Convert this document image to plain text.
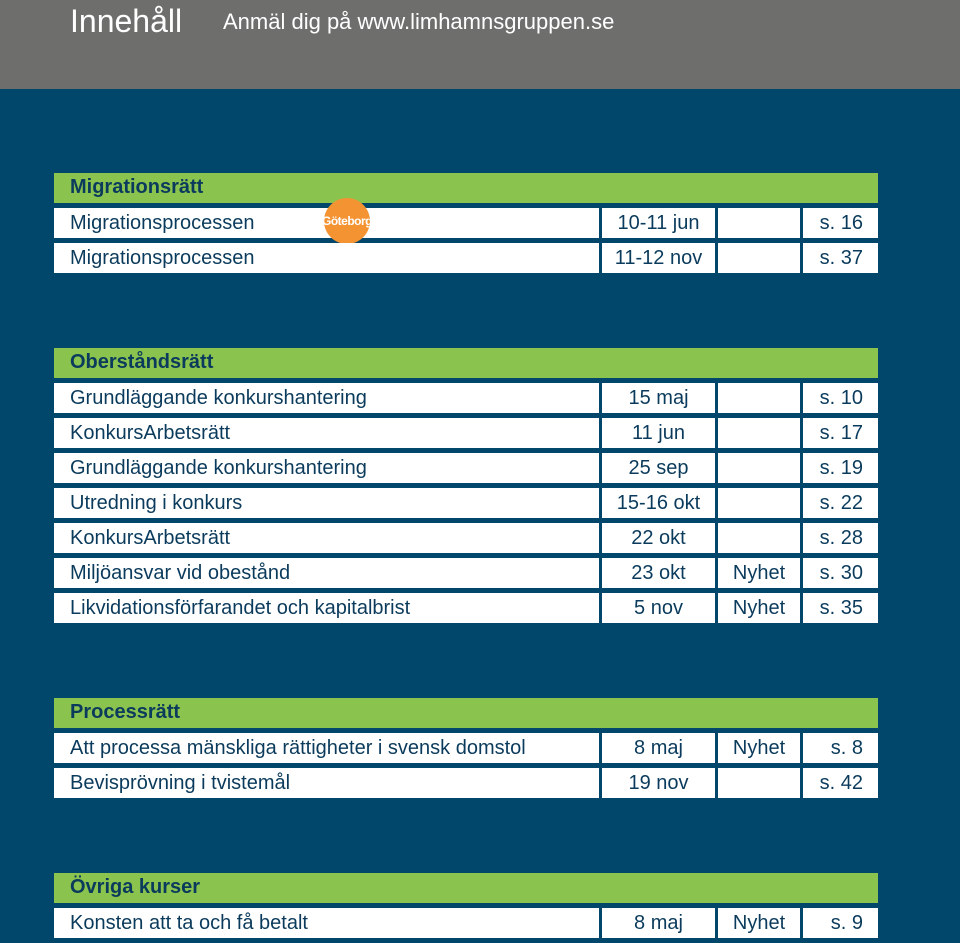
Innehåll Anmäl dig på www.limhamnsgruppen.se
Migrationsrätt
Migrationsprocessen	Göteborg	10-11 jun	s. 16
Migrationsprocessen	11-12 nov	s. 37
Oberståndsrätt
Grundläggande konkurshantering	15 maj	s. 10
KonkursArbetsrätt	11 jun	s. 17
Grundläggande konkurshantering	25 sep	s. 19
Utredning i konkurs	15-16 okt	s. 22
KonkursArbetsrätt	22 okt	s. 28
Miljöansvar vid obestånd	23 okt	Nyhet	s. 30
Likvidationsförfarandet och kapitalbrist	5 nov	Nyhet	s. 35
Processrätt
Att processa mänskliga rättigheter i svensk domstol	8 maj	Nyhet	s. 8
Bevisprövning i tvistemål	19 nov	s. 42
Övriga kurser
Konsten att ta och få betalt	8 maj	Nyhet	s. 9
